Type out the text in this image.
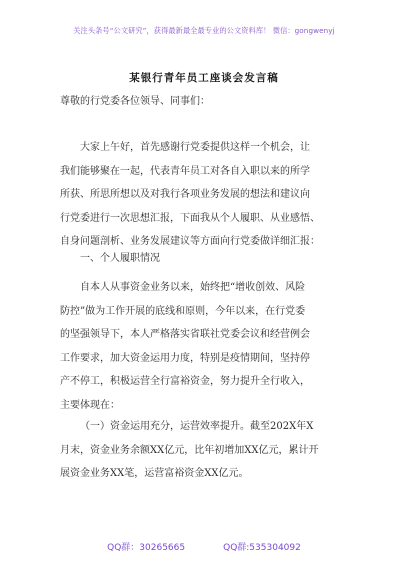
关注头条号“公文研究”，获得最新最全最专业的公文资料库！ 微信：gongwenyj
某银行青年员工座谈会发言稿
尊敬的行党委各位领导、同事们：
大家上午好，首先感谢行党委提供这样一个机会，让
我们能够聚在一起，代表青年员工对各自入职以来的所学
所获、所思所想以及对我行各项业务发展的想法和建议向
行党委进行一次思想汇报，下面我从个人履职、从业感悟、
自身问题剖析、业务发展建议等方面向行党委做详细汇报：
一、个人履职情况
自本人从事资金业务以来，始终把“增收创效、风险
防控”做为工作开展的底线和原则，今年以来，在行党委
的坚强领导下，本人严格落实省联社党委会议和经营例会
工作要求，加大资金运用力度，特别是疫情期间，坚持停
产不停工，积极运营全行富裕资金，努力提升全行收入，
主要体现在：
（一）资金运用充分，运营效率提升。截至202X年X
月末，资金业务余额XX亿元，比年初增加XX亿元，累计开
展资金业务XX笔，运营富裕资金XX亿元。
QQ群：30265665	QQ群:535304092
